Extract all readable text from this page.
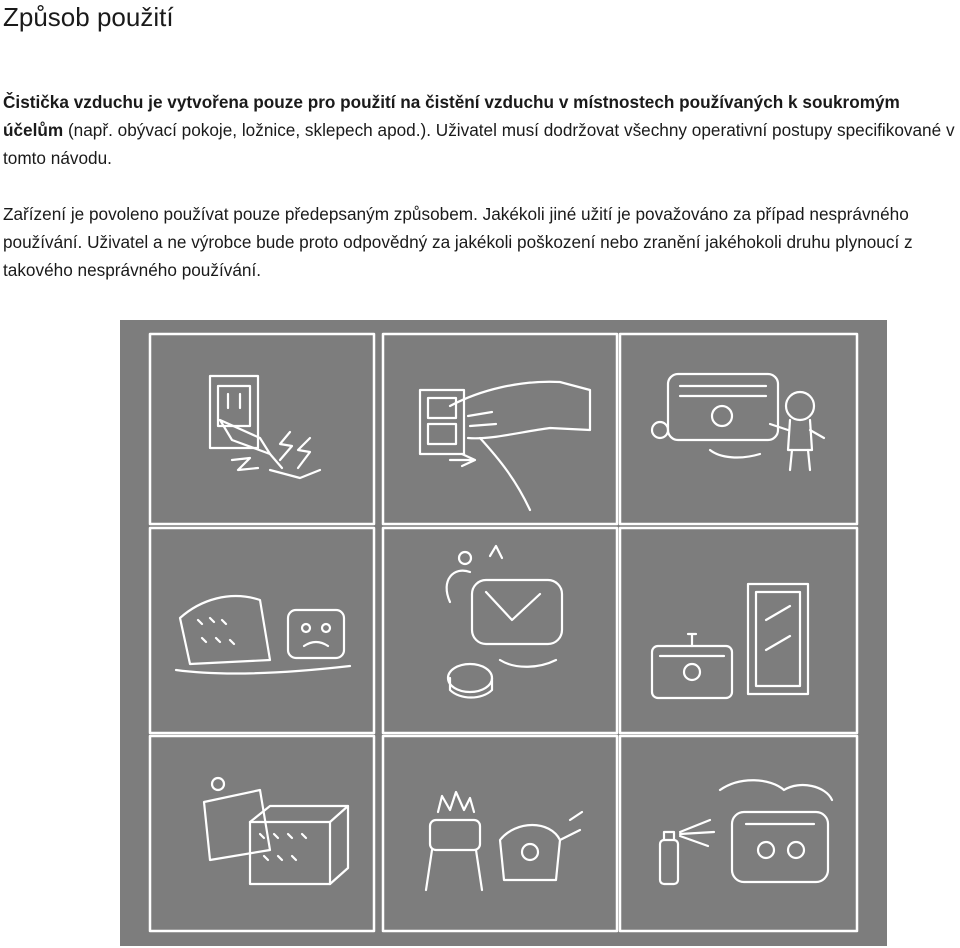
Způsob použití

Čistička vzduchu je vytvořena pouze pro použití na čistění vzduchu v místnostech používaných k soukromým účelům (např. obývací pokoje, ložnice, sklepech apod.). Uživatel musí dodržovat všechny operativní postupy specifikované v tomto návodu.

Zařízení je povoleno používat pouze předepsaným způsobem. Jakékoli jiné užití je považováno za případ nesprávného používání. Uživatel a ne výrobce bude proto odpovědný za jakékoli poškození nebo zranění jakéhokoli druhu plynoucí z takového nesprávného používání.
